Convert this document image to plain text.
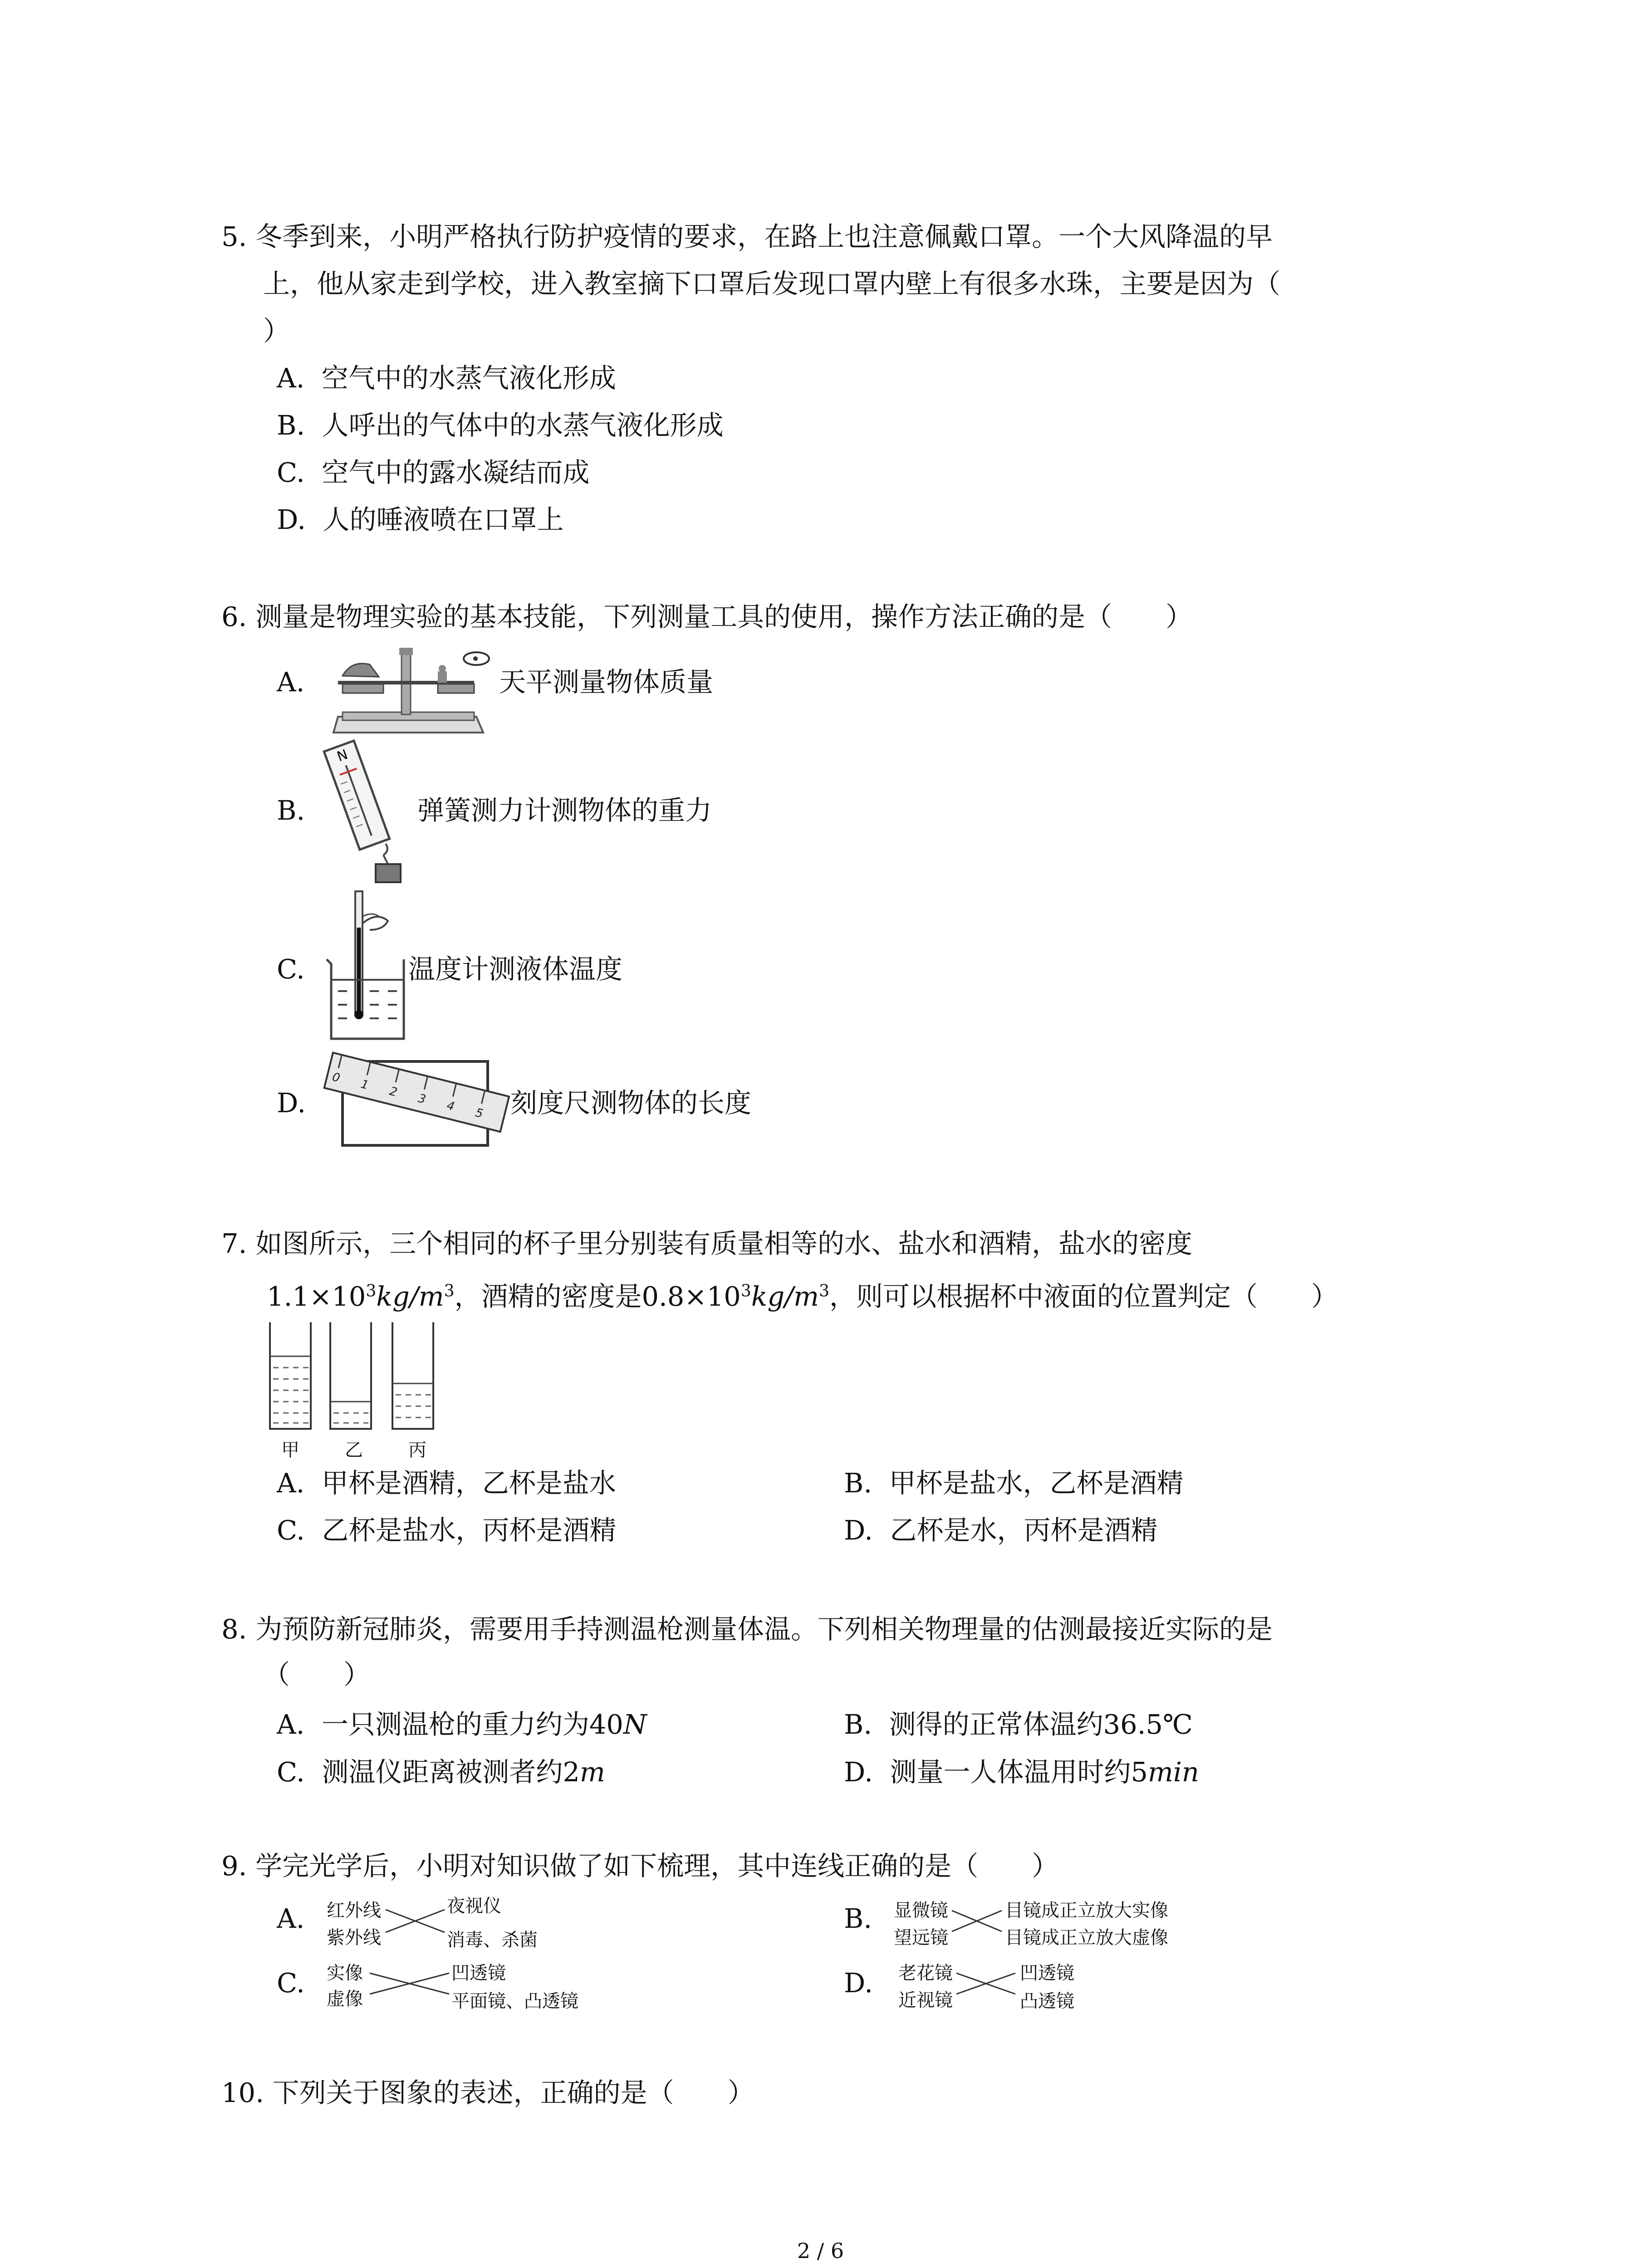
5. 冬季到来，小明严格执行防护疫情的要求，在路上也注意佩戴口罩。一个大风降温的早
上，他从家走到学校，进入教室摘下口罩后发现口罩内壁上有很多水珠，主要是因为（
）
A. 空气中的水蒸气液化形成
B. 人呼出的气体中的水蒸气液化形成
C. 空气中的露水凝结而成
D. 人的唾液喷在口罩上
6. 测量是物理实验的基本技能，下列测量工具的使用，操作方法正确的是（　　）
A.	天平测量物体质量
B.
N
弹簧测力计测物体的重力
C.	温度计测液体温度
D.
0 1 2 3 4 5 刻度尺测物体的长度
7. 如图所示，三个相同的杯子里分别装有质量相等的水、盐水和酒精，盐水的密度
$1.1\times 10^3kg/m^3$，酒精的密度是$0.8\times 10^3kg/m^3$，则可以根据杯中液面的位置判定（　　）
甲	乙	丙
A. 甲杯是酒精，乙杯是盐水	B. 甲杯是盐水，乙杯是酒精
C. 乙杯是盐水，丙杯是酒精	D. 乙杯是水，丙杯是酒精
8. 为预防新冠肺炎，需要用手持测温枪测量体温。下列相关物理量的估测最接近实际的是
（　　）
A. 一只测温枪的重力约为40N	B. 测得的正常体温约36.5℃
C. 测温仪距离被测者约2m	D. 测量一人体温用时约5min
9. 学完光学后，小明对知识做了如下梳理，其中连线正确的是（　　）
A. 红外线
紫外线
夜视仪
消毒、杀菌
B. 显微镜
望远镜
目镜成正立放大实像
目镜成正立放大虚像
C. 实像
虚像
凹透镜
平面镜、凸透镜
D. 老花镜
近视镜
凹透镜
凸透镜
10. 下列关于图象的表述，正确的是（　　）
2 / 6
